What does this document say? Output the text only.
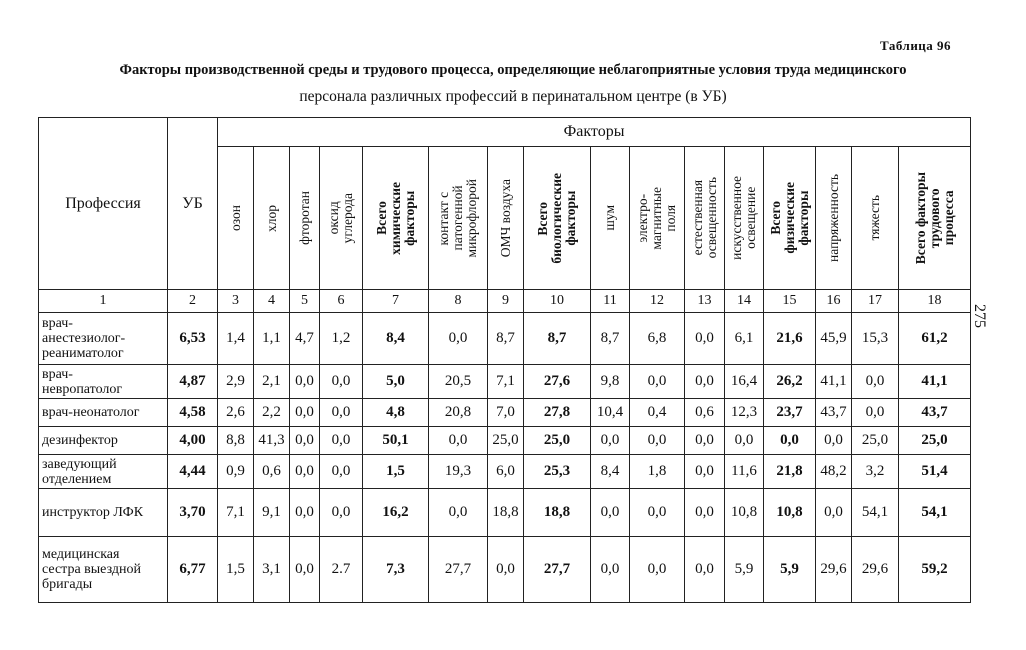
Таблица 96
Факторы производственной среды и трудового процесса, определяющие неблагоприятные условия труда медицинского
персонала различных профессий в перинатальном центре (в УБ)
275
Профессия	УБ	Факторы															

		озон	хлор	фторотан	оксид
углерода	Всего
химические
факторы	контакт с
патогенной
микрофлорой	ОМЧ воздуха	Всего
биологические
факторы	шум	электро-
магнитные
поля	естественная
освещенность	искусственное
освещение	Всего
физические
факторы	напряженность	тяжесть	Всего факторы
трудового
процесса

1	2	3	4	5	6	7	8	9	10	11	12	13	14	15	16	17	18
врач-
анестезиолог-
реаниматолог	6,53	1,4	1,1	4,7	1,2	8,4	0,0	8,7	8,7	8,7	6,8	0,0	6,1	21,6	45,9	15,3	61,2
врач-
невропатолог	4,87	2,9	2,1	0,0	0,0	5,0	20,5	7,1	27,6	9,8	0,0	0,0	16,4	26,2	41,1	0,0	41,1
врач-неонатолог	4,58	2,6	2,2	0,0	0,0	4,8	20,8	7,0	27,8	10,4	0,4	0,6	12,3	23,7	43,7	0,0	43,7
дезинфектор	4,00	8,8	41,3	0,0	0,0	50,1	0,0	25,0	25,0	0,0	0,0	0,0	0,0	0,0	0,0	25,0	25,0
заведующий
отделением	4,44	0,9	0,6	0,0	0,0	1,5	19,3	6,0	25,3	8,4	1,8	0,0	11,6	21,8	48,2	3,2	51,4
инструктор ЛФК	3,70	7,1	9,1	0,0	0,0	16,2	0,0	18,8	18,8	0,0	0,0	0,0	10,8	10,8	0,0	54,1	54,1
медицинская
сестра выездной
бригады	6,77	1,5	3,1	0,0	2.7	7,3	27,7	0,0	27,7	0,0	0,0	0,0	5,9	5,9	29,6	29,6	59,2
